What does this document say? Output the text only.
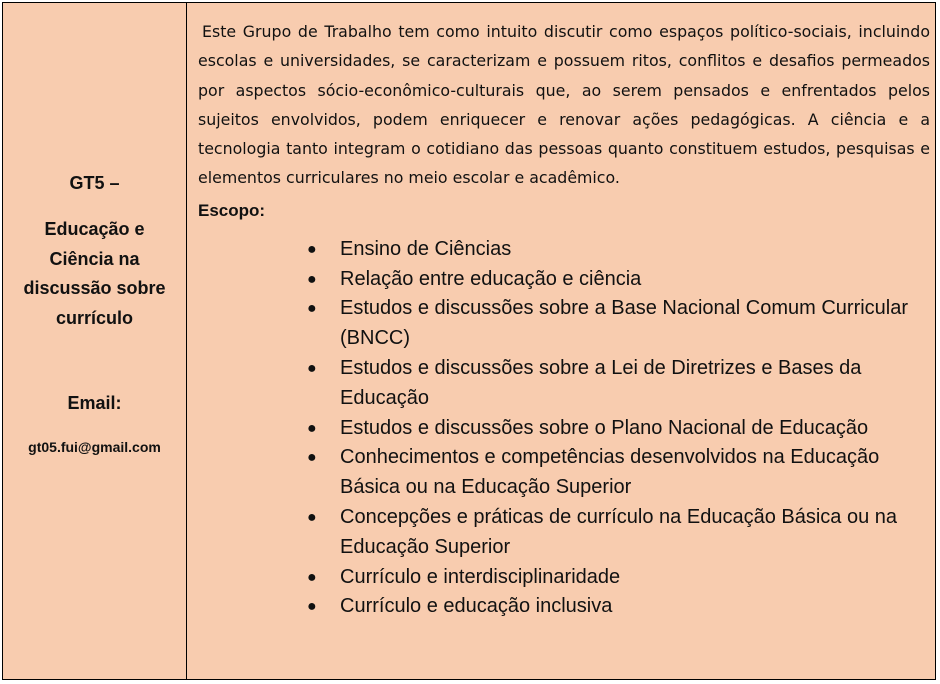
GT5 –
Educação e
Ciência na
discussão sobre
currículo
Email:
gt05.fui@gmail.com

Este Grupo de Trabalho tem como intuito discutir como espaços político-sociais, incluindo escolas e universidades, se caracterizam e possuem ritos, conflitos e desafios permeados por aspectos sócio-econômico-culturais que, ao serem pensados e enfrentados pelos sujeitos envolvidos, podem enriquecer e renovar ações pedagógicas. A ciência e a tecnologia tanto integram o cotidiano das pessoas quanto constituem estudos, pesquisas e elementos curriculares no meio escolar e acadêmico.

Escopo:
● Ensino de Ciências
● Relação entre educação e ciência
● Estudos e discussões sobre a Base Nacional Comum Curricular (BNCC)
● Estudos e discussões sobre a Lei de Diretrizes e Bases da Educação
● Estudos e discussões sobre o Plano Nacional de Educação
● Conhecimentos e competências desenvolvidos na Educação Básica ou na Educação Superior
● Concepções e práticas de currículo na Educação Básica ou na Educação Superior
● Currículo e interdisciplinaridade
● Currículo e educação inclusiva
